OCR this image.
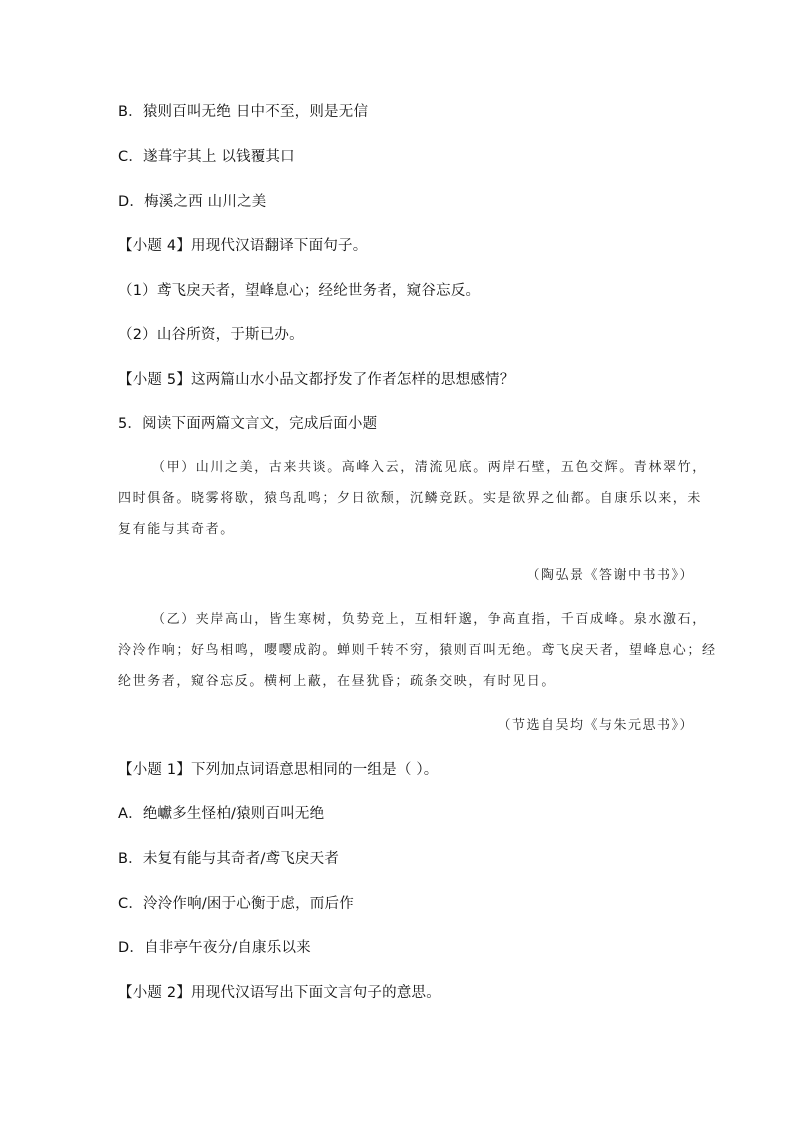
B．猿则百叫无绝 日中不至，则是无信
C．遂葺宇其上 以钱覆其口
D．梅溪之西 山川之美
【小题 4】用现代汉语翻译下面句子。
（1）鸢飞戾天者，望峰息心；经纶世务者，窥谷忘反。
（2）山谷所资，于斯已办。
【小题 5】这两篇山水小品文都抒发了作者怎样的思想感情？
5．阅读下面两篇文言文，完成后面小题
（甲）山川之美，古来共谈。高峰入云，清流见底。两岸石壁，五色交辉。青林翠竹，
四时俱备。晓雾将歇，猿鸟乱鸣；夕日欲颓，沉鳞竞跃。实是欲界之仙都。自康乐以来，未
复有能与其奇者。
（陶弘景《答谢中书书》）
（乙）夹岸高山，皆生寒树，负势竞上，互相轩邈，争高直指，千百成峰。泉水激石，
泠泠作响；好鸟相鸣，嘤嘤成韵。蝉则千转不穷，猿则百叫无绝。鸢飞戾天者，望峰息心；经
纶世务者，窥谷忘反。横柯上蔽，在昼犹昏；疏条交映，有时见日。
（节选自吴均《与朱元思书》）
【小题 1】下列加点词语意思相同的一组是（ ）。
A．绝巘多生怪柏/猿则百叫无绝
B．未复有能与其奇者/鸢飞戾天者
C．泠泠作响/困于心衡于虑，而后作
D．自非亭午夜分/自康乐以来
【小题 2】用现代汉语写出下面文言句子的意思。
